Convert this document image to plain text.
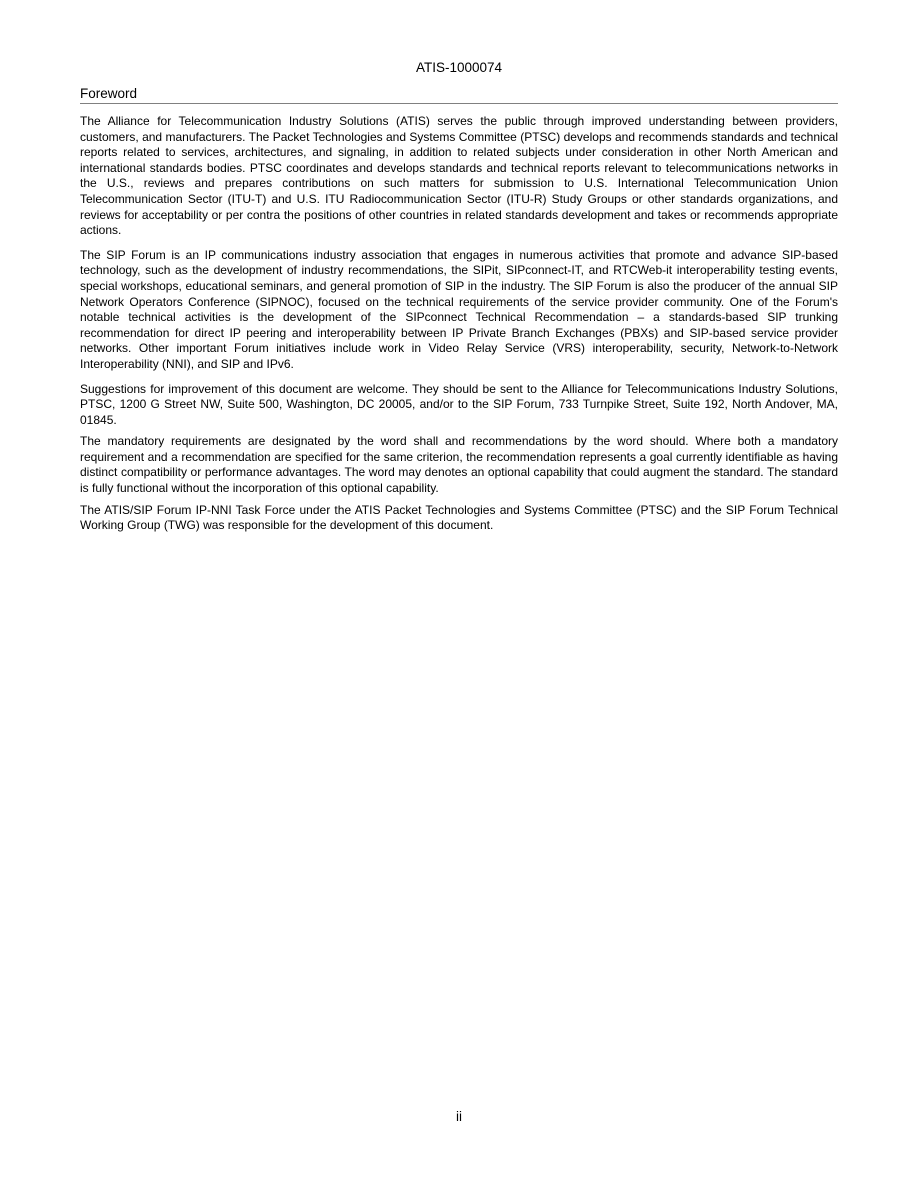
ATIS-1000074
Foreword

The Alliance for Telecommunication Industry Solutions (ATIS) serves the public through improved understanding between providers, customers, and manufacturers. The Packet Technologies and Systems Committee (PTSC) develops and recommends standards and technical reports related to services, architectures, and signaling, in addition to related subjects under consideration in other North American and international standards bodies. PTSC coordinates and develops standards and technical reports relevant to telecommunications networks in the U.S., reviews and prepares contributions on such matters for submission to U.S. International Telecommunication Union Telecommunication Sector (ITU-T) and U.S. ITU Radiocommunication Sector (ITU-R) Study Groups or other standards organizations, and reviews for acceptability or per contra the positions of other countries in related standards development and takes or recommends appropriate actions.

The SIP Forum is an IP communications industry association that engages in numerous activities that promote and advance SIP-based technology, such as the development of industry recommendations, the SIPit, SIPconnect-IT, and RTCWeb-it interoperability testing events, special workshops, educational seminars, and general promotion of SIP in the industry. The SIP Forum is also the producer of the annual SIP Network Operators Conference (SIPNOC), focused on the technical requirements of the service provider community. One of the Forum's notable technical activities is the development of the SIPconnect Technical Recommendation – a standards-based SIP trunking recommendation for direct IP peering and interoperability between IP Private Branch Exchanges (PBXs) and SIP-based service provider networks. Other important Forum initiatives include work in Video Relay Service (VRS) interoperability, security, Network-to-Network Interoperability (NNI), and SIP and IPv6.

Suggestions for improvement of this document are welcome. They should be sent to the Alliance for Telecommunications Industry Solutions, PTSC, 1200 G Street NW, Suite 500, Washington, DC 20005, and/or to the SIP Forum, 733 Turnpike Street, Suite 192, North Andover, MA, 01845.

The mandatory requirements are designated by the word shall and recommendations by the word should. Where both a mandatory requirement and a recommendation are specified for the same criterion, the recommendation represents a goal currently identifiable as having distinct compatibility or performance advantages. The word may denotes an optional capability that could augment the standard. The standard is fully functional without the incorporation of this optional capability.

The ATIS/SIP Forum IP-NNI Task Force under the ATIS Packet Technologies and Systems Committee (PTSC) and the SIP Forum Technical Working Group (TWG) was responsible for the development of this document.

ii
